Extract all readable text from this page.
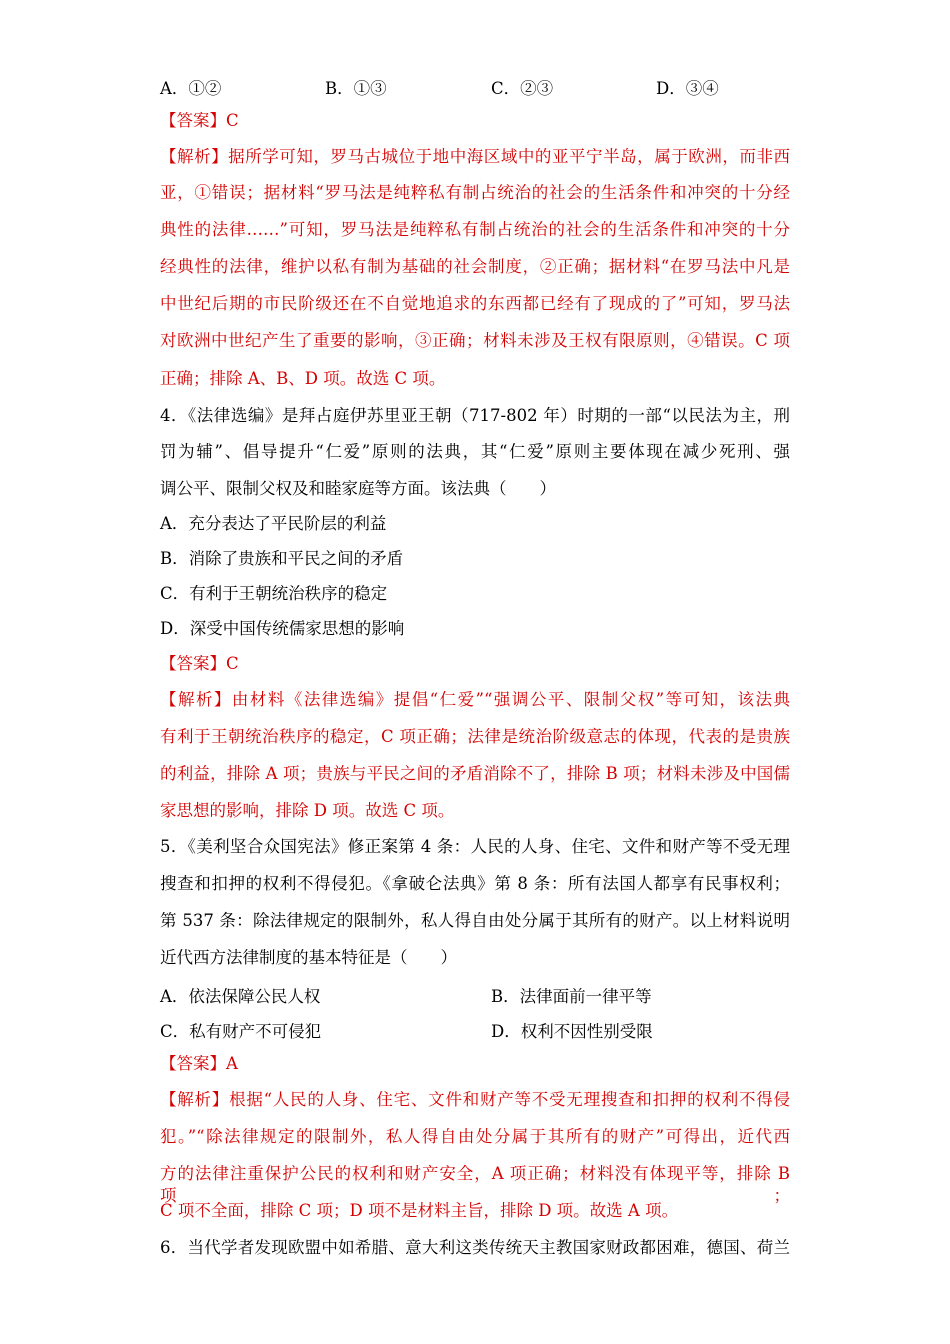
A．①②	B．①③	C．②③	D．③④
【答案】C
【解析】据所学可知，罗马古城位于地中海区域中的亚平宁半岛，属于欧洲，而非西
亚，①错误；据材料“罗马法是纯粹私有制占统治的社会的生活条件和冲突的十分经
典性的法律……”可知，罗马法是纯粹私有制占统治的社会的生活条件和冲突的十分
经典性的法律，维护以私有制为基础的社会制度，②正确；据材料“在罗马法中凡是
中世纪后期的市民阶级还在不自觉地追求的东西都已经有了现成的了”可知，罗马法
对欧洲中世纪产生了重要的影响，③正确；材料未涉及王权有限原则，④错误。C 项
正确；排除 A、B、D 项。故选 C 项。
4．《法律选编》是拜占庭伊苏里亚王朝（717-802 年）时期的一部“以民法为主，刑
罚为辅”、倡导提升“仁爱”原则的法典，其“仁爱”原则主要体现在减少死刑、强
调公平、限制父权及和睦家庭等方面。该法典（　　）
A．充分表达了平民阶层的利益
B．消除了贵族和平民之间的矛盾
C．有利于王朝统治秩序的稳定
D．深受中国传统儒家思想的影响
【答案】C
【解析】由材料《法律选编》提倡“仁爱”“强调公平、限制父权”等可知，该法典
有利于王朝统治秩序的稳定，C 项正确；法律是统治阶级意志的体现，代表的是贵族
的利益，排除 A 项；贵族与平民之间的矛盾消除不了，排除 B 项；材料未涉及中国儒
家思想的影响，排除 D 项。故选 C 项。
5．《美利坚合众国宪法》修正案第 4 条：人民的人身、住宅、文件和财产等不受无理
搜查和扣押的权利不得侵犯。《拿破仑法典》第 8 条：所有法国人都享有民事权利；
第 537 条：除法律规定的限制外，私人得自由处分属于其所有的财产。以上材料说明
近代西方法律制度的基本特征是（　　）
A．依法保障公民人权	B．法律面前一律平等
C．私有财产不可侵犯	D．权利不因性别受限
【答案】A
【解析】根据“人民的人身、住宅、文件和财产等不受无理搜查和扣押的权利不得侵
犯。”“除法律规定的限制外，私人得自由处分属于其所有的财产”可得出，近代西
方的法律注重保护公民的权利和财产安全，A 项正确；材料没有体现平等，排除 B 项；
C 项不全面，排除 C 项；D 项不是材料主旨，排除 D 项。故选 A 项。
6．当代学者发现欧盟中如希腊、意大利这类传统天主教国家财政都困难，德国、荷兰
